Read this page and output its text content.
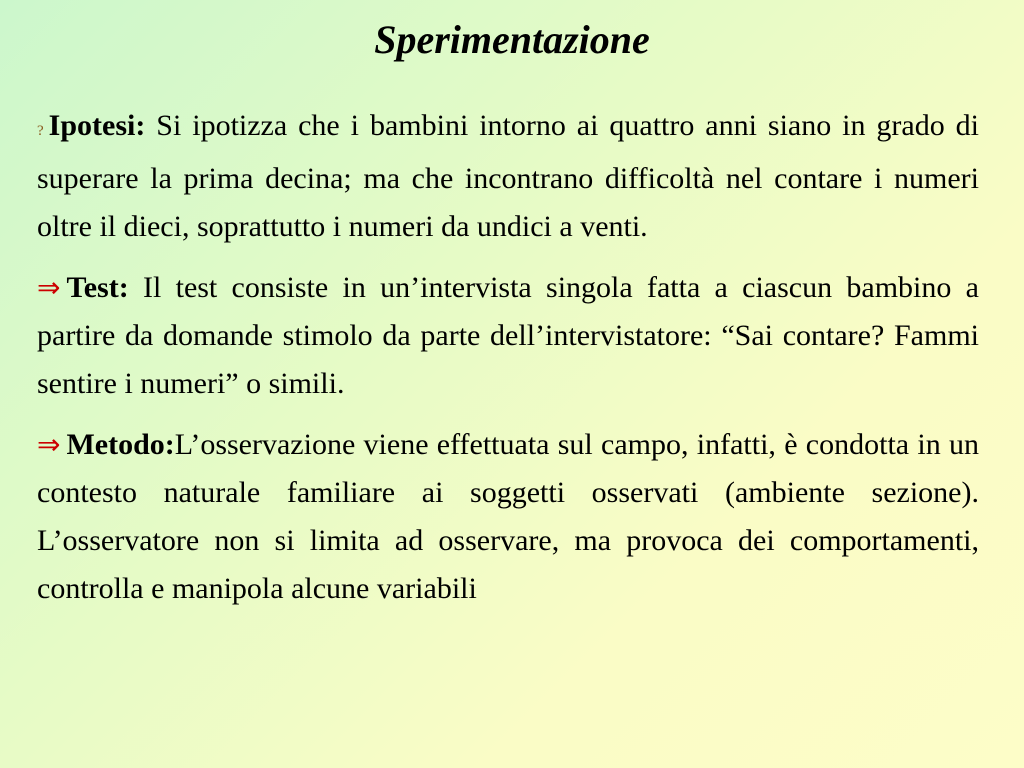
Sperimentazione

? Ipotesi: Si ipotizza che i bambini intorno ai quattro anni siano in grado di superare la prima decina; ma che incontrano difficoltà nel contare i numeri oltre il dieci, soprattutto i numeri da undici a venti.

⇒ Test: Il test consiste in un’intervista singola fatta a ciascun bambino a partire da domande stimolo da parte dell’intervistatore: “Sai contare? Fammi sentire i numeri” o simili.

⇒ Metodo:L’osservazione viene effettuata sul campo, infatti, è condotta in un contesto naturale familiare ai soggetti osservati (ambiente sezione). L’osservatore non si limita ad osservare, ma provoca dei comportamenti, controlla e manipola alcune variabili
